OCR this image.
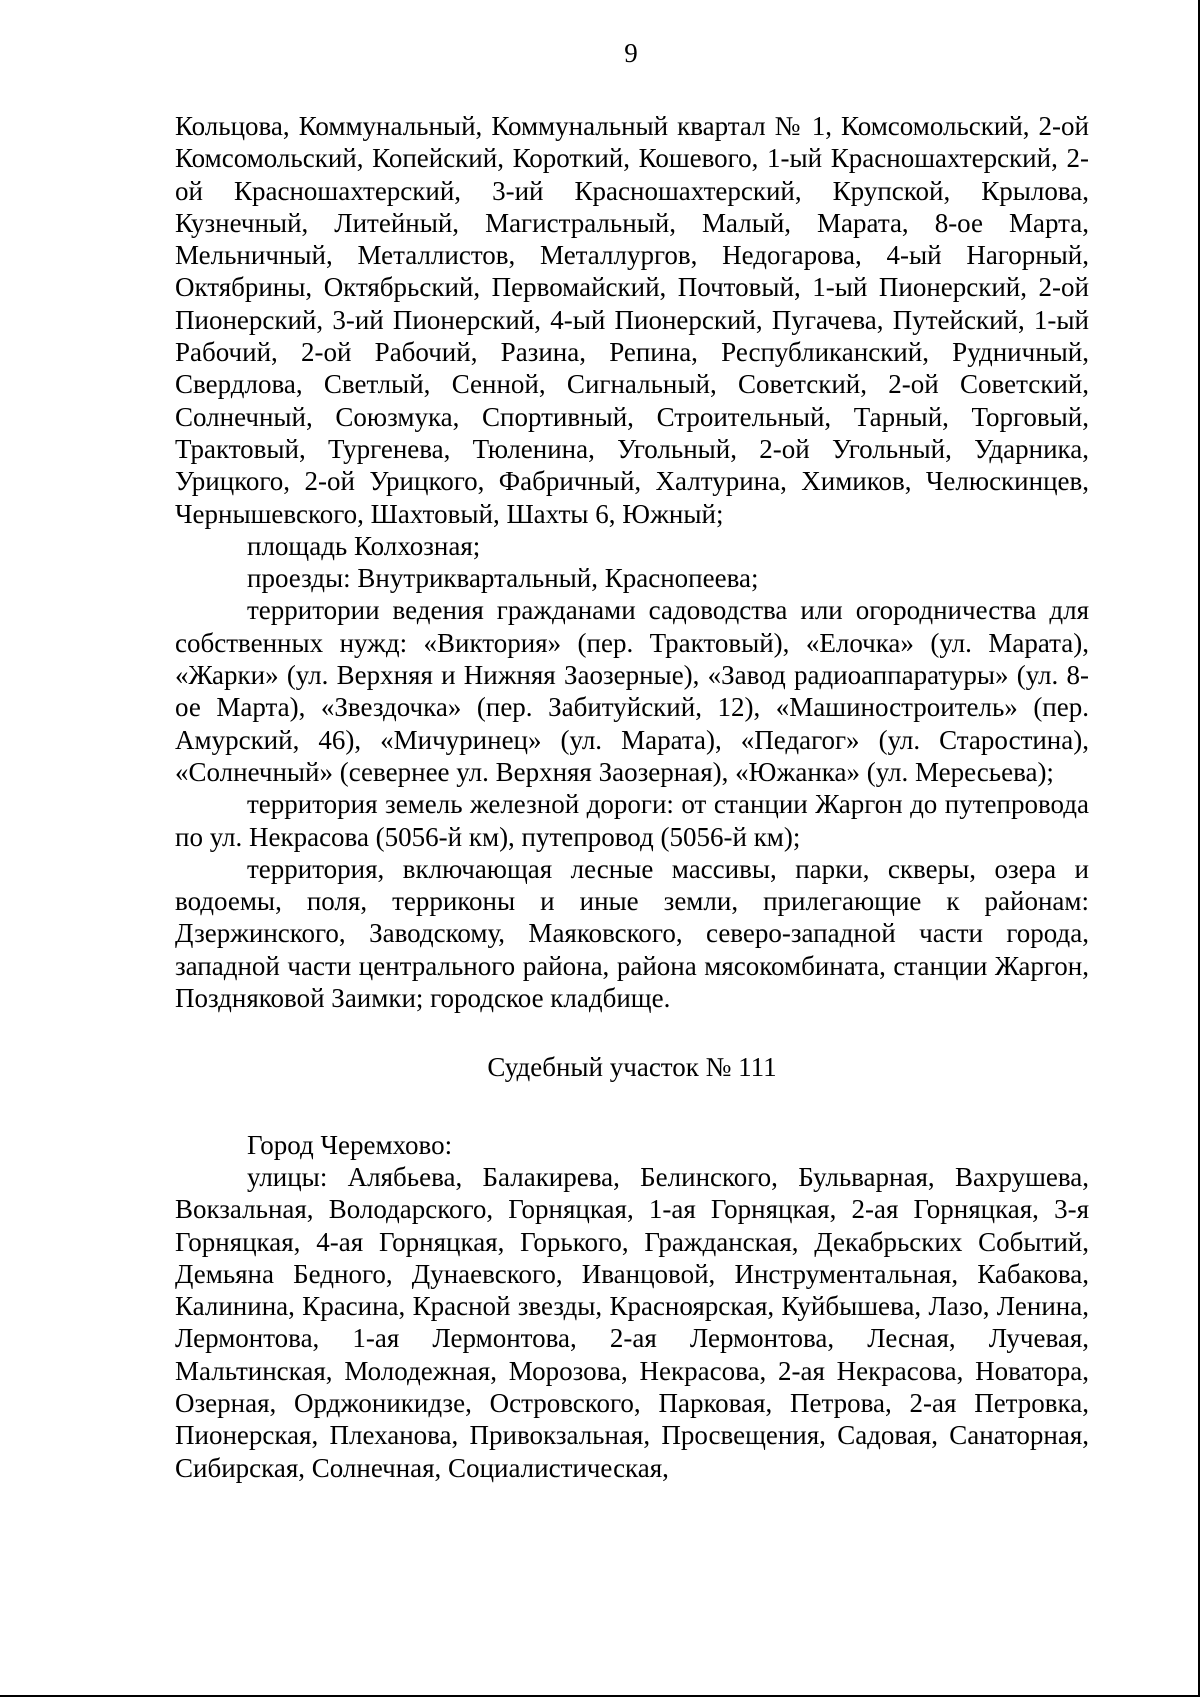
9

Кольцова, Коммунальный, Коммунальный квартал № 1, Комсомольский, 2-ой Комсомольский, Копейский, Короткий, Кошевого, 1-ый Красношахтерский, 2-ой Красношахтерский, 3-ий Красношахтерский, Крупской, Крылова, Кузнечный, Литейный, Магистральный, Малый, Марата, 8-ое Марта, Мельничный, Металлистов, Металлургов, Недогарова, 4-ый Нагорный, Октябрины, Октябрьский, Первомайский, Почтовый, 1-ый Пионерский, 2-ой Пионерский, 3-ий Пионерский, 4-ый Пионерский, Пугачева, Путейский, 1-ый Рабочий, 2-ой Рабочий, Разина, Репина, Республиканский, Рудничный, Свердлова, Светлый, Сенной, Сигнальный, Советский, 2-ой Советский, Солнечный, Союзмука, Спортивный, Строительный, Тарный, Торговый, Трактовый, Тургенева, Тюленина, Угольный, 2-ой Угольный, Ударника, Урицкого, 2-ой Урицкого, Фабричный, Халтурина, Химиков, Челюскинцев, Чернышевского, Шахтовый, Шахты 6, Южный;

площадь Колхозная;

проезды: Внутриквартальный, Краснопеева;

территории ведения гражданами садоводства или огородничества для собственных нужд: «Виктория» (пер. Трактовый), «Елочка» (ул. Марата), «Жарки» (ул. Верхняя и Нижняя Заозерные), «Завод радиоаппаратуры» (ул. 8-ое Марта), «Звездочка» (пер. Забитуйский, 12), «Машиностроитель» (пер. Амурский, 46), «Мичуринец» (ул. Марата), «Педагог» (ул. Старостина), «Солнечный» (севернее ул. Верхняя Заозерная), «Южанка» (ул. Мересьева);

территория земель железной дороги: от станции Жаргон до путепровода по ул. Некрасова (5056-й км), путепровод (5056-й км);

территория, включающая лесные массивы, парки, скверы, озера и водоемы, поля, терриконы и иные земли, прилегающие к районам: Дзержинского, Заводскому, Маяковского, северо-западной части города, западной части центрального района, района мясокомбината, станции Жаргон, Поздняковой Заимки; городское кладбище.

Судебный участок № 111

Город Черемхово:

улицы: Алябьева, Балакирева, Белинского, Бульварная, Вахрушева, Вокзальная, Володарского, Горняцкая, 1-ая Горняцкая, 2-ая Горняцкая, 3-я Горняцкая, 4-ая Горняцкая, Горького, Гражданская, Декабрьских Событий, Демьяна Бедного, Дунаевского, Иванцовой, Инструментальная, Кабакова, Калинина, Красина, Красной звезды, Красноярская, Куйбышева, Лазо, Ленина, Лермонтова, 1-ая Лермонтова, 2-ая Лермонтова, Лесная, Лучевая, Мальтинская, Молодежная, Морозова, Некрасова, 2-ая Некрасова, Новатора, Озерная, Орджоникидзе, Островского, Парковая, Петрова, 2-ая Петровка, Пионерская, Плеханова, Привокзальная, Просвещения, Садовая, Санаторная, Сибирская, Солнечная, Социалистическая,
